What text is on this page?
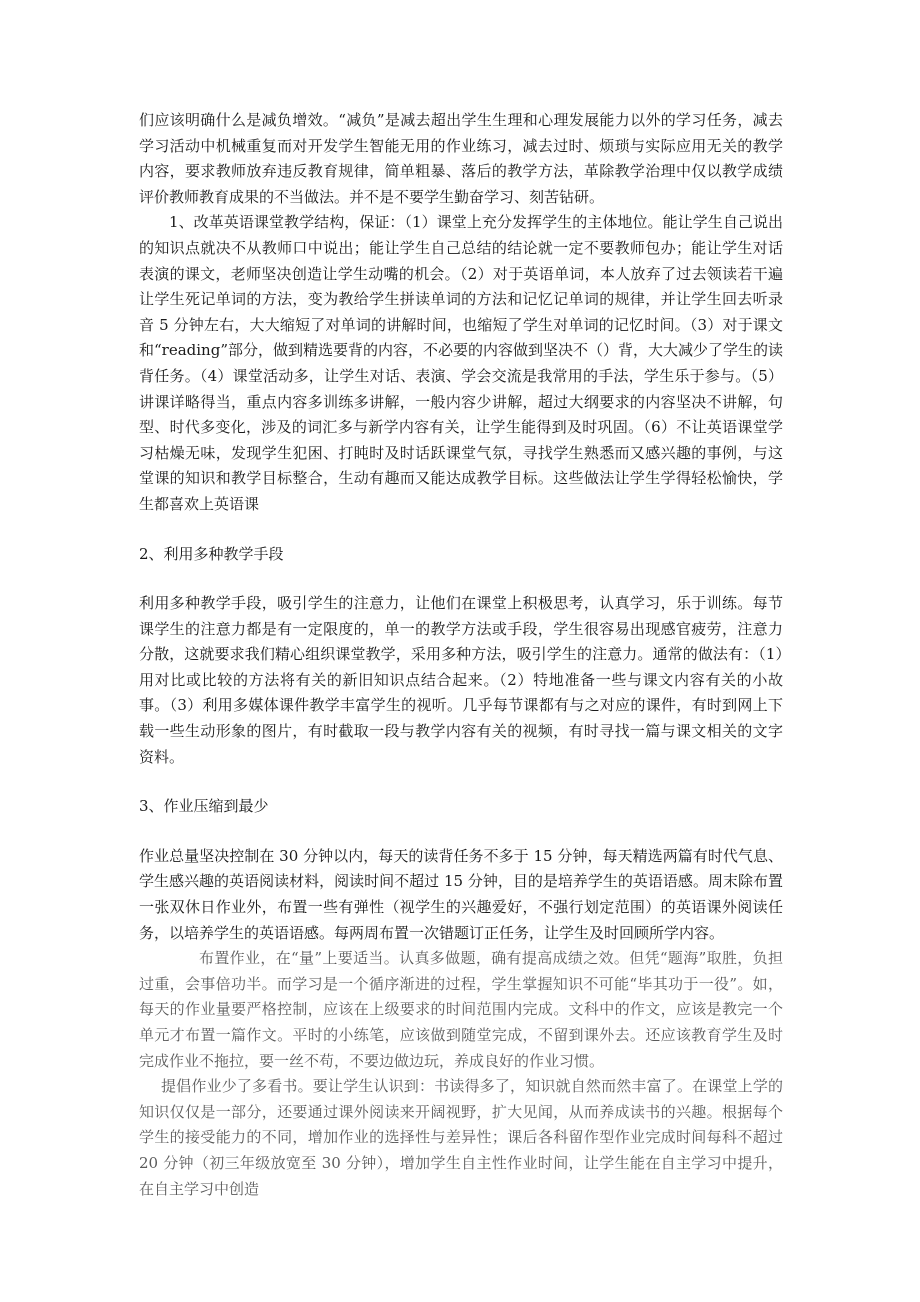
们应该明确什么是减负增效。“减负”是减去超出学生生理和心理发展能力以外的学习任务，减去学习活动中机械重复而对开发学生智能无用的作业练习，减去过时、烦琐与实际应用无关的教学内容，要求教师放弃违反教育规律，简单粗暴、落后的教学方法，革除教学治理中仅以教学成绩评价教师教育成果的不当做法。并不是不要学生勤奋学习、刻苦钻研。

1、改革英语课堂教学结构，保证：（1）课堂上充分发挥学生的主体地位。能让学生自己说出的知识点就决不从教师口中说出；能让学生自己总结的结论就一定不要教师包办；能让学生对话表演的课文，老师坚决创造让学生动嘴的机会。（2）对于英语单词，本人放弃了过去领读若干遍让学生死记单词的方法，变为教给学生拼读单词的方法和记忆记单词的规律，并让学生回去听录音 5 分钟左右，大大缩短了对单词的讲解时间，也缩短了学生对单词的记忆时间。（3）对于课文和“reading”部分，做到精选要背的内容，不必要的内容做到坚决不（）背，大大减少了学生的读背任务。（4）课堂活动多，让学生对话、表演、学会交流是我常用的手法，学生乐于参与。（5）讲课详略得当，重点内容多训练多讲解，一般内容少讲解，超过大纲要求的内容坚决不讲解，句型、时代多变化，涉及的词汇多与新学内容有关，让学生能得到及时巩固。（6）不让英语课堂学习枯燥无味，发现学生犯困、打盹时及时话跃课堂气氛，寻找学生熟悉而又感兴趣的事例，与这堂课的知识和教学目标整合，生动有趣而又能达成教学目标。这些做法让学生学得轻松愉快，学生都喜欢上英语课

2、利用多种教学手段

利用多种教学手段，吸引学生的注意力，让他们在课堂上积极思考，认真学习，乐于训练。每节课学生的注意力都是有一定限度的，单一的教学方法或手段，学生很容易出现感官疲劳，注意力分散，这就要求我们精心组织课堂教学，采用多种方法，吸引学生的注意力。通常的做法有：（1）用对比或比较的方法将有关的新旧知识点结合起来。（2）特地准备一些与课文内容有关的小故事。（3）利用多媒体课件教学丰富学生的视听。几乎每节课都有与之对应的课件，有时到网上下载一些生动形象的图片，有时截取一段与教学内容有关的视频，有时寻找一篇与课文相关的文字资料。

3、作业压缩到最少

作业总量坚决控制在 30 分钟以内，每天的读背任务不多于 15 分钟，每天精选两篇有时代气息、学生感兴趣的英语阅读材料，阅读时间不超过 15 分钟，目的是培养学生的英语语感。周末除布置一张双休日作业外，布置一些有弹性（视学生的兴趣爱好，不强行划定范围）的英语课外阅读任务，以培养学生的英语语感。每两周布置一次错题订正任务，让学生及时回顾所学内容。

布置作业，在“量”上要适当。认真多做题，确有提高成绩之效。但凭“题海”取胜，负担过重，会事倍功半。而学习是一个循序渐进的过程，学生掌握知识不可能“毕其功于一役”。如，每天的作业量要严格控制，应该在上级要求的时间范围内完成。文科中的作文，应该是教完一个单元才布置一篇作文。平时的小练笔，应该做到随堂完成，不留到课外去。还应该教育学生及时完成作业不拖拉，要一丝不苟，不要边做边玩，养成良好的作业习惯。

提倡作业少了多看书。要让学生认识到：书读得多了，知识就自然而然丰富了。在课堂上学的知识仅仅是一部分，还要通过课外阅读来开阔视野，扩大见闻，从而养成读书的兴趣。根据每个学生的接受能力的不同，增加作业的选择性与差异性；课后各科留作型作业完成时间每科不超过 20 分钟（初三年级放宽至 30 分钟），增加学生自主性作业时间，让学生能在自主学习中提升，在自主学习中创造
